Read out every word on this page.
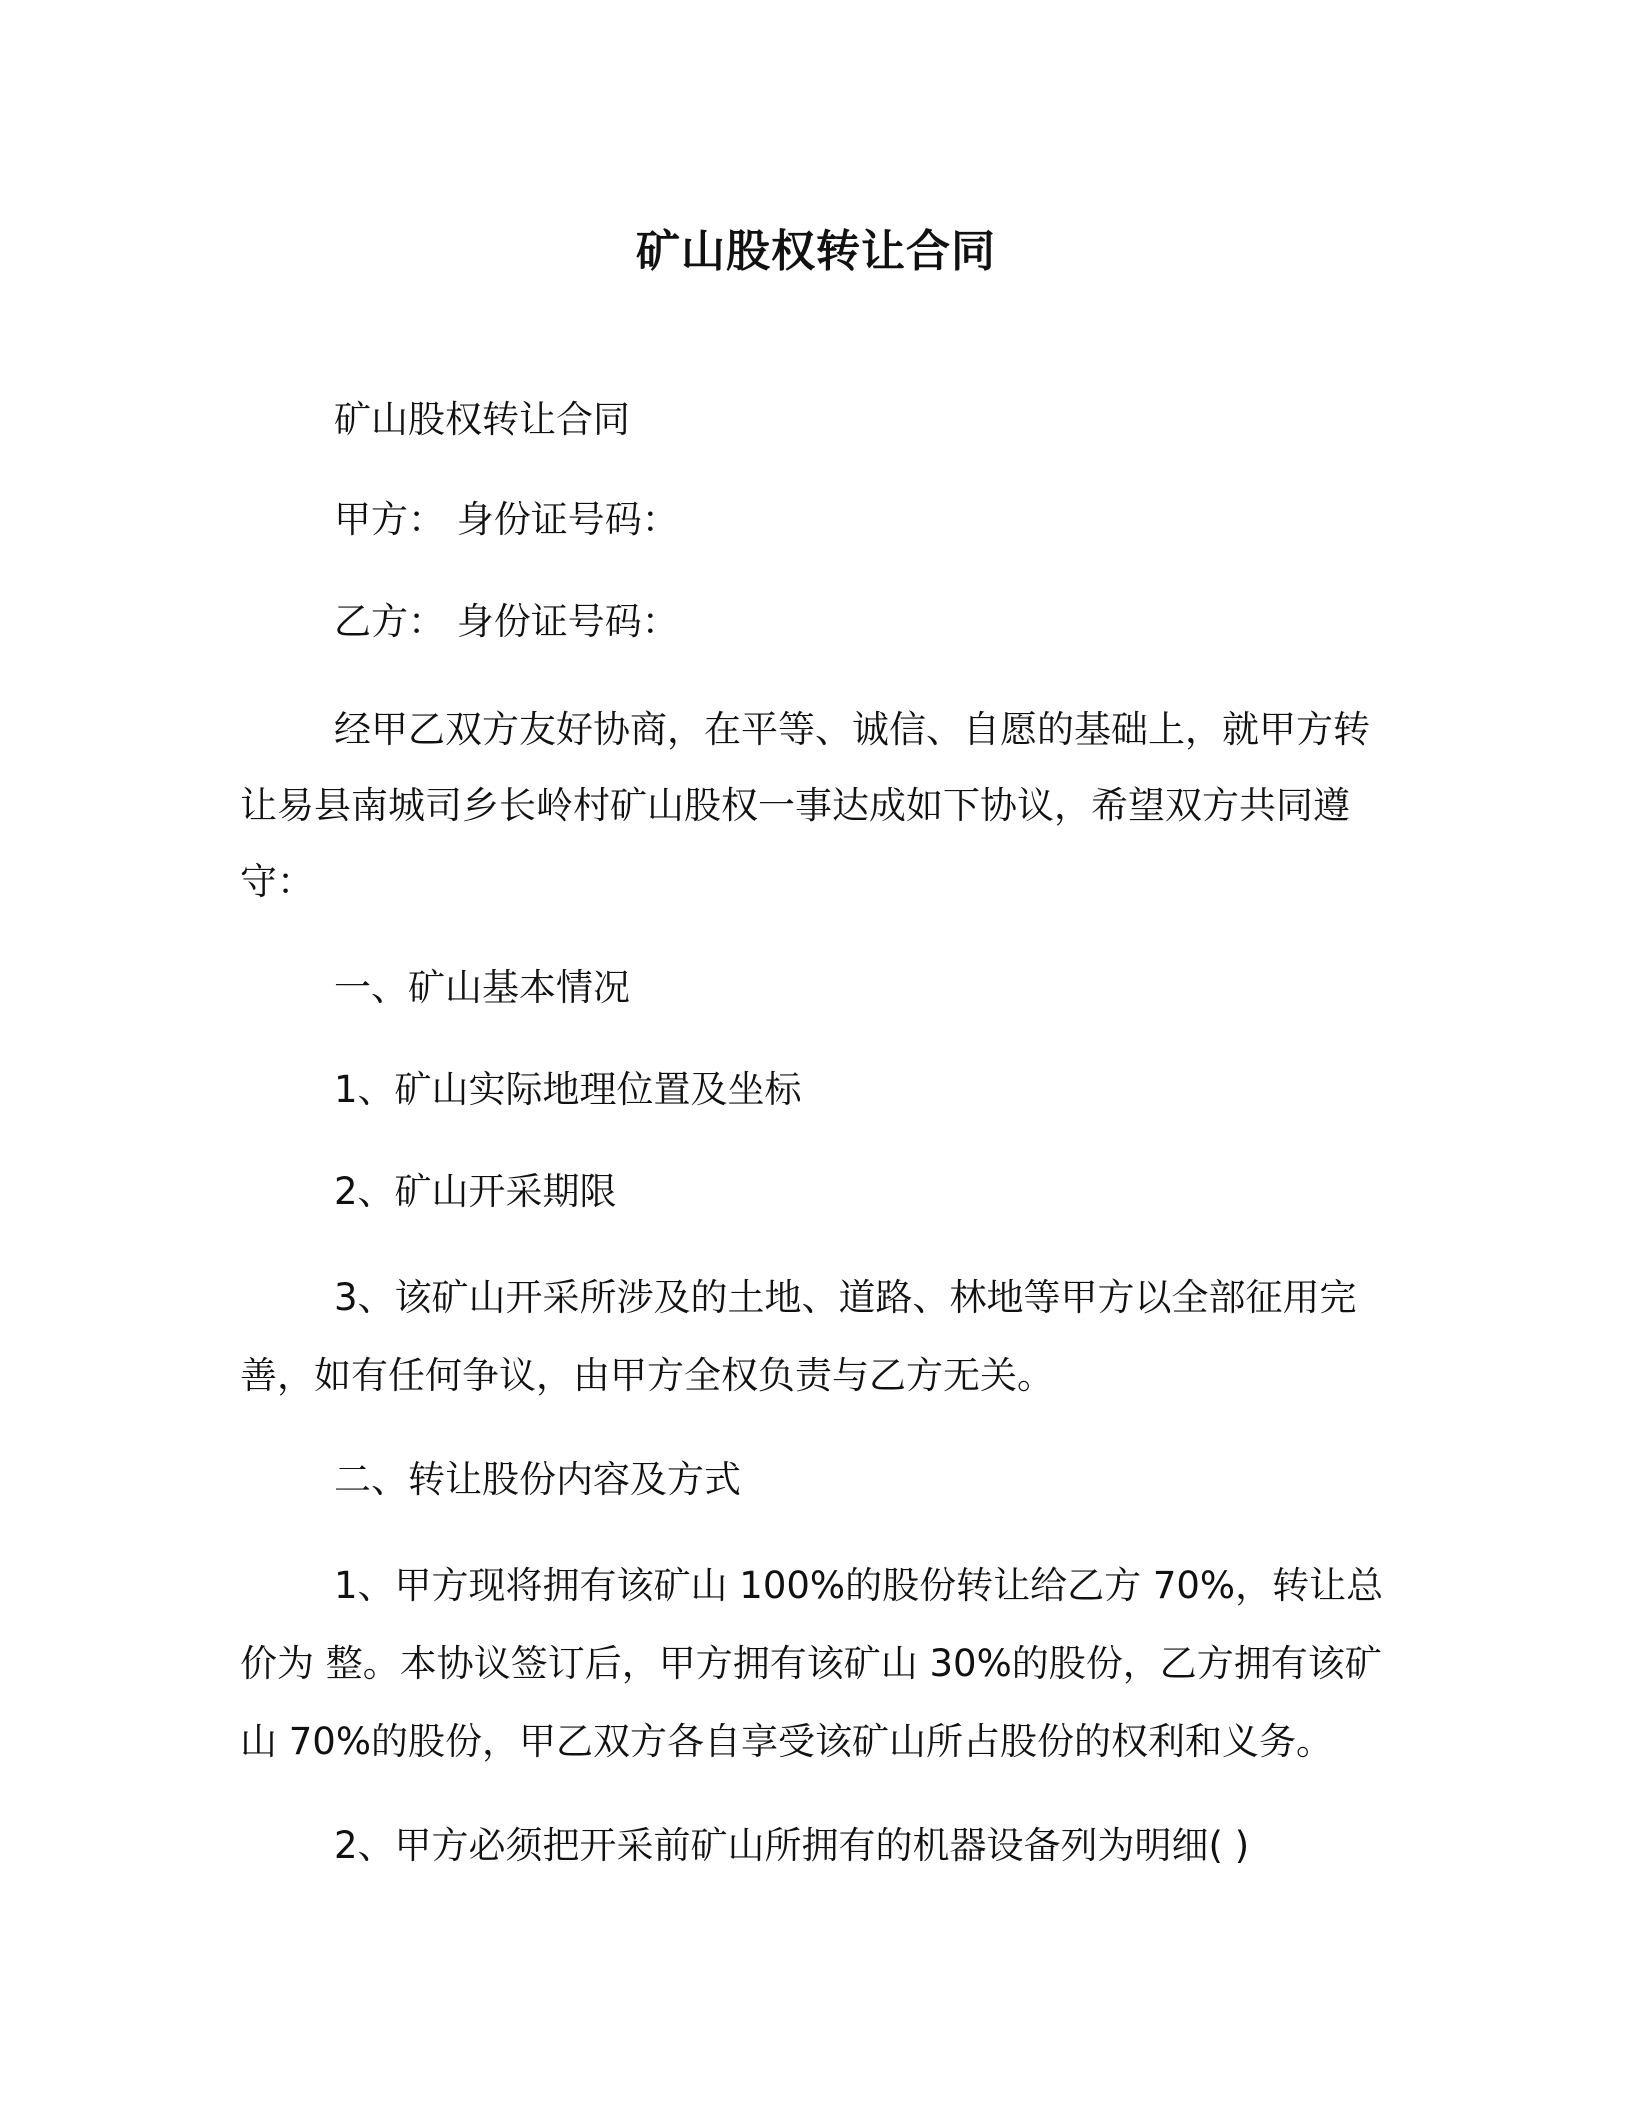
矿山股权转让合同
矿山股权转让合同
甲方： 身份证号码：
乙方： 身份证号码：
经甲乙双方友好协商，在平等、诚信、自愿的基础上，就甲方转
让易县南城司乡长岭村矿山股权一事达成如下协议，希望双方共同遵
守：
一、矿山基本情况
1、矿山实际地理位置及坐标
2、矿山开采期限
3、该矿山开采所涉及的土地、道路、林地等甲方以全部征用完
善，如有任何争议，由甲方全权负责与乙方无关。
二、转让股份内容及方式
1、甲方现将拥有该矿山 100%的股份转让给乙方 70%，转让总
价为 整。本协议签订后，甲方拥有该矿山 30%的股份，乙方拥有该矿
山 70%的股份，甲乙双方各自享受该矿山所占股份的权利和义务。
2、甲方必须把开采前矿山所拥有的机器设备列为明细( )
